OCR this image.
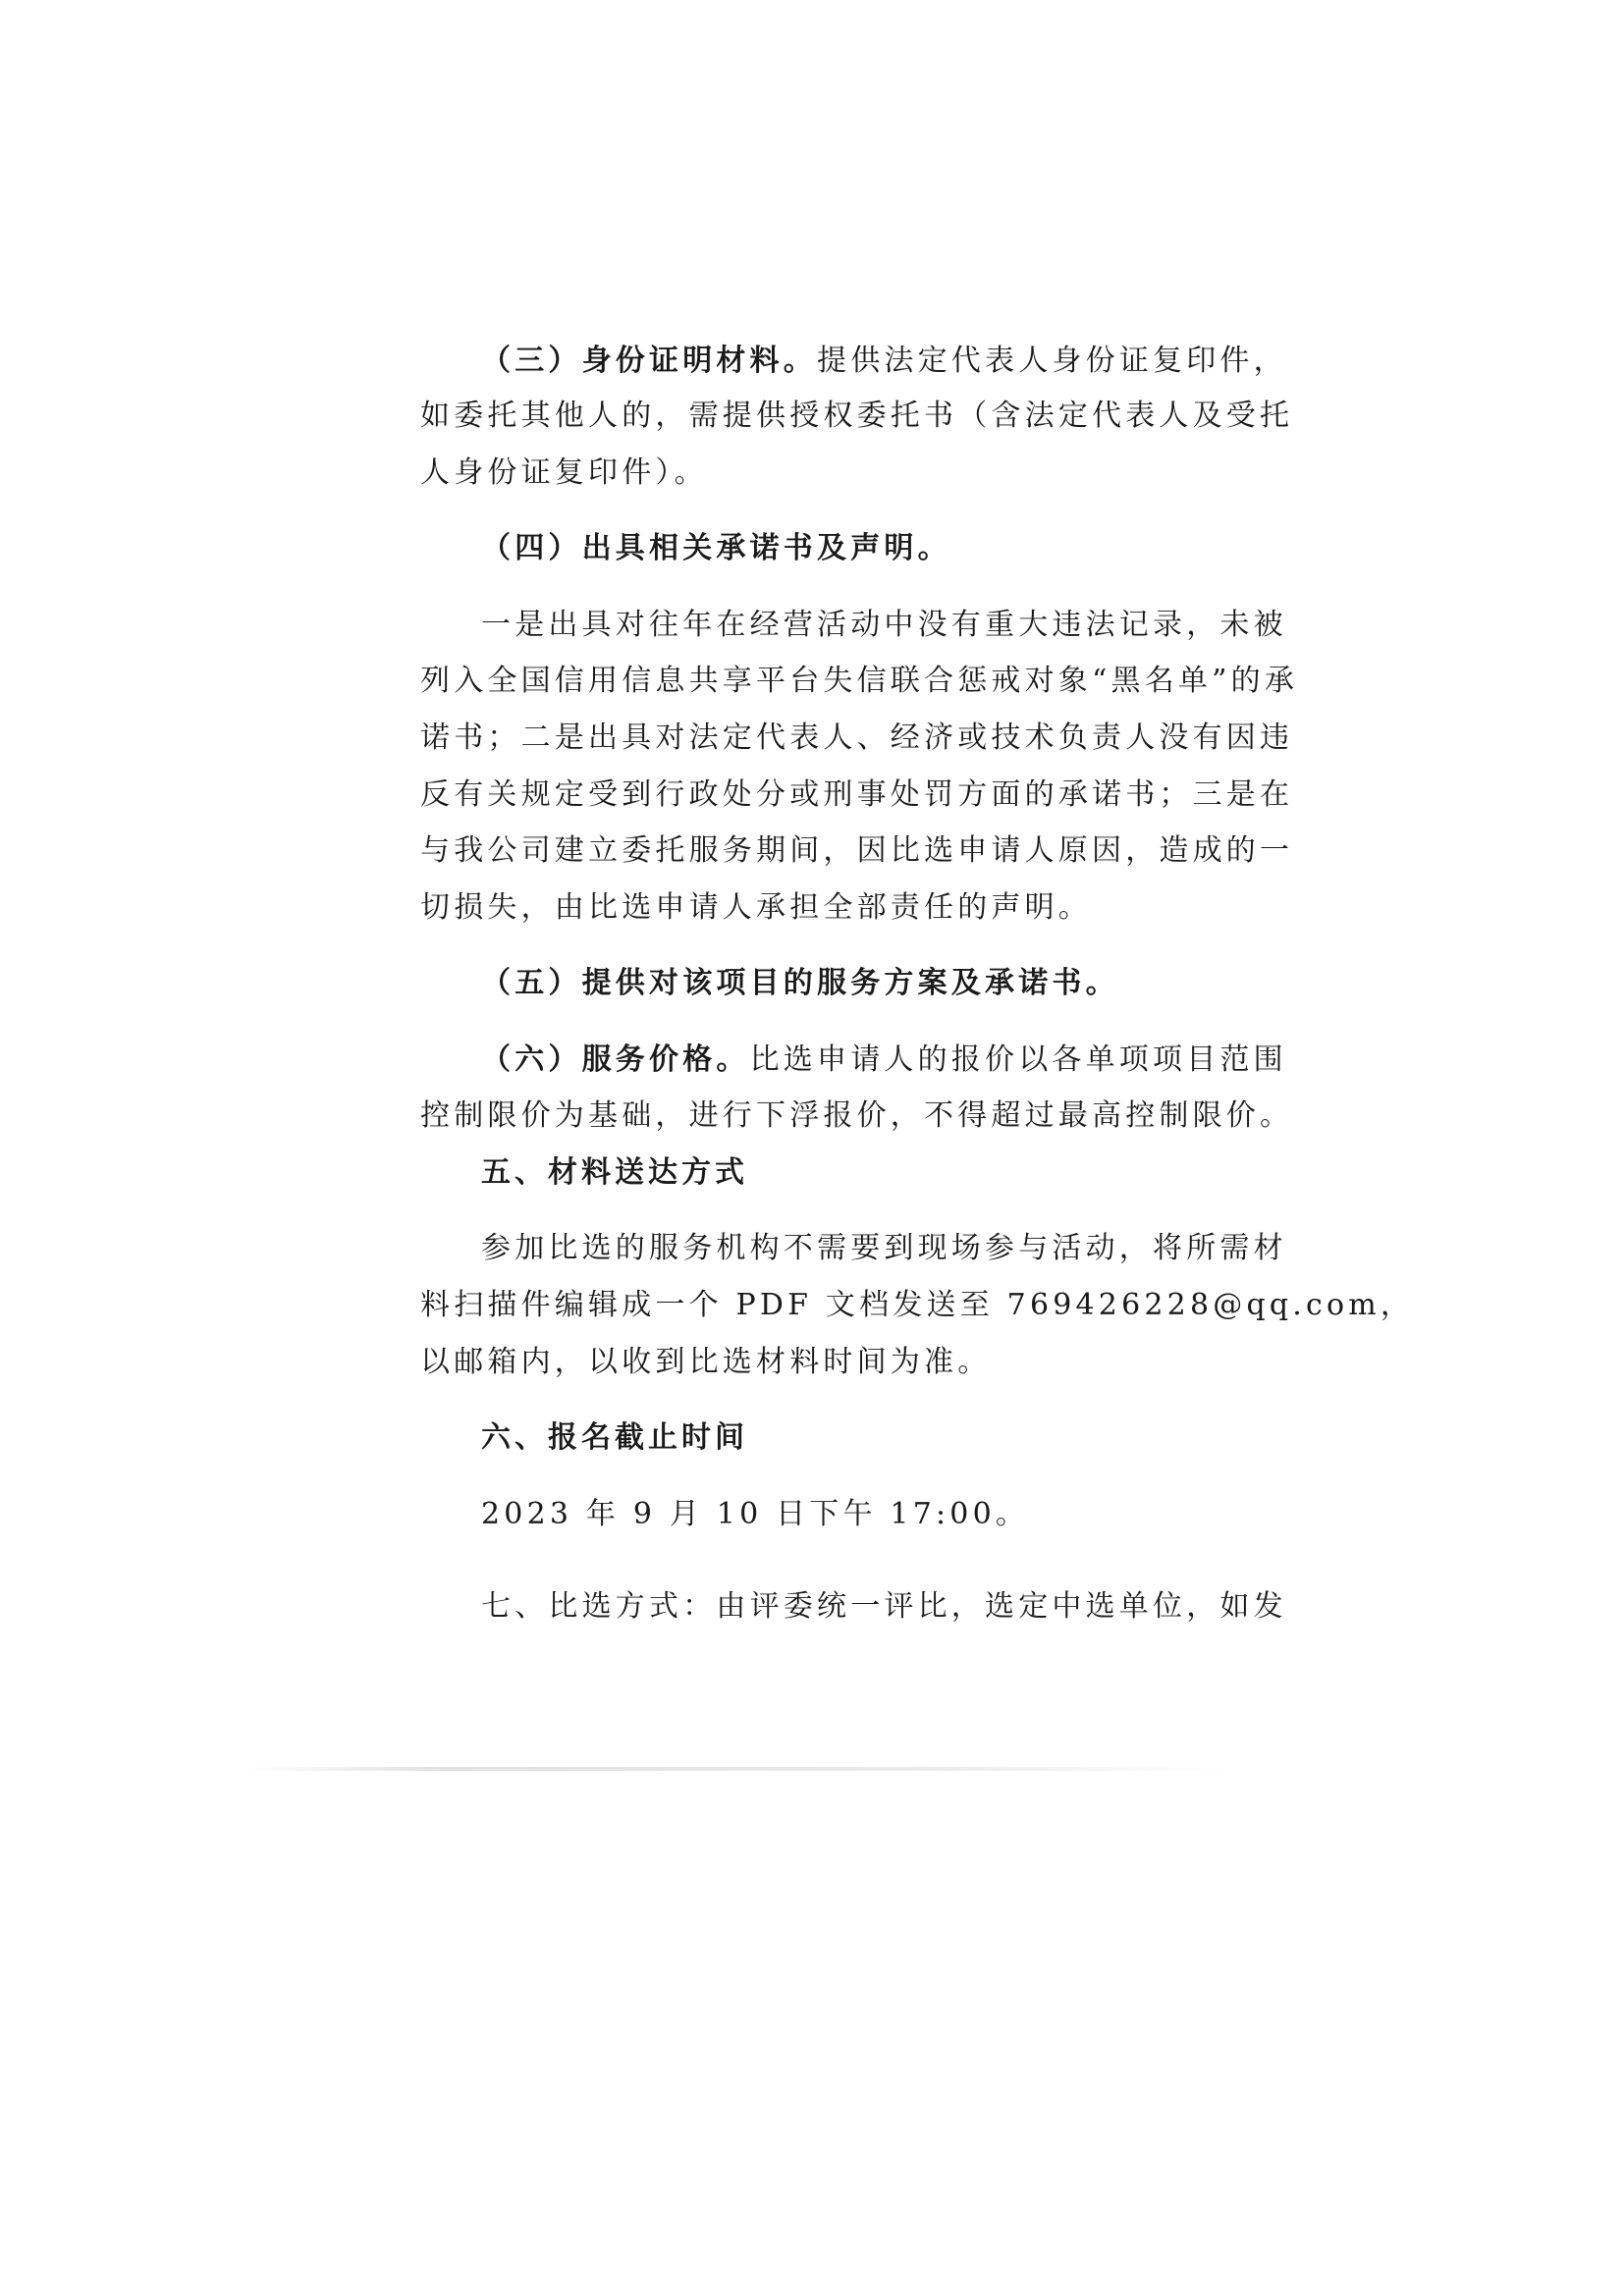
（三）身份证明材料。提供法定代表人身份证复印件，
如委托其他人的，需提供授权委托书（含法定代表人及受托
人身份证复印件）。
（四）出具相关承诺书及声明。
一是出具对往年在经营活动中没有重大违法记录，未被
列入全国信用信息共享平台失信联合惩戒对象“黑名单”的承
诺书；二是出具对法定代表人、经济或技术负责人没有因违
反有关规定受到行政处分或刑事处罚方面的承诺书；三是在
与我公司建立委托服务期间，因比选申请人原因，造成的一
切损失，由比选申请人承担全部责任的声明。
（五）提供对该项目的服务方案及承诺书。
（六）服务价格。比选申请人的报价以各单项项目范围
控制限价为基础，进行下浮报价，不得超过最高控制限价。
五、材料送达方式
参加比选的服务机构不需要到现场参与活动，将所需材
料扫描件编辑成一个 PDF 文档发送至 769426228@qq.com，
以邮箱内，以收到比选材料时间为准。
六、报名截止时间
2023 年 9 月 10 日下午 17:00。
七、比选方式：由评委统一评比，选定中选单位，如发
